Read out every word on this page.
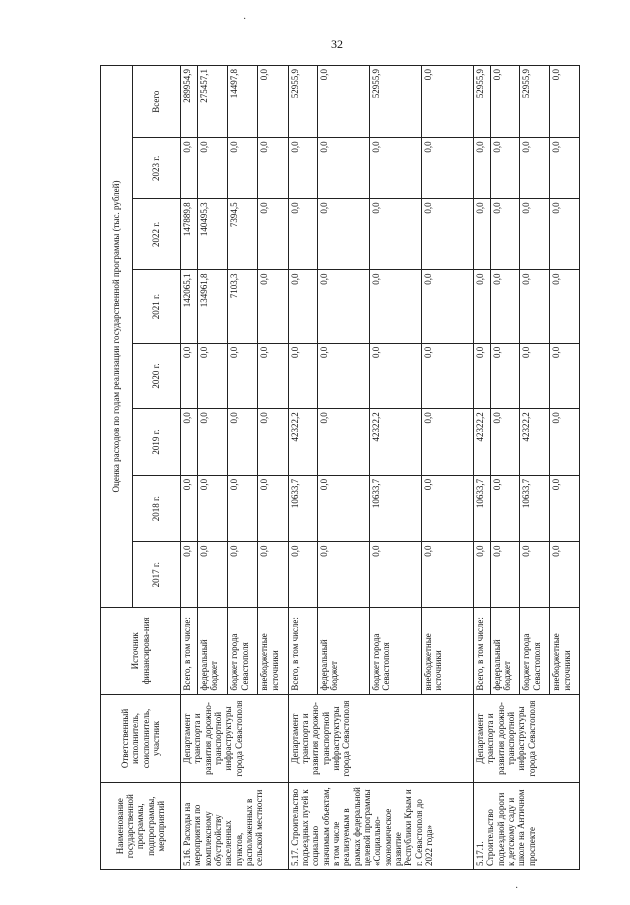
32
·
·
Наименование государственной программы, подпрограммы, мероприятий	Ответственный исполнитель, соисполнитель, участник	Источник финансирова-ния	Оценка расходов по годам реализации государственной программы (тыс. рублей)							
			2017 г.	2018 г.	2019 г.	2020 г.	2021 г.	2022 г.	2023 г.	Всего
5.16. Расходы на мероприятия по комплексному обустройству населенных пунктов, расположенных в сельской местности	Департамент транспорта и развития дорожно-транспортной инфраструктуры города Севастополя	Всего, в том числе:	0,0	0,0	0,0	0,0	142065,1	147889,8	0,0	289954,9
		федеральный бюджет	0,0	0,0	0,0	0,0	134961,8	140495,3	0,0	275457,1
		бюджет города Севастополя	0,0	0,0	0,0	0,0	7103,3	7394,5	0,0	14497,8
		внебюджетные источники	0,0	0,0	0,0	0,0	0,0	0,0	0,0	0,0
5.17. Строительство подъездных путей к социально значимым объектам, в том числе реализуемым в рамках федеральной целевой программы «Социально-экономическое развитие Республики Крым и г. Севастополя до 2022 года»	Департамент транспорта и развития дорожно-транспортной инфраструктуры города Севастополя	Всего, в том числе:	0,0	10633,7	42322,2	0,0	0,0	0,0	0,0	52955,9
		федеральный бюджет	0,0	0,0	0,0	0,0	0,0	0,0	0,0	0,0
		бюджет города Севастополя	0,0	10633,7	42322,2	0,0	0,0	0,0	0,0	52955,9
		внебюджетные источники	0,0	0,0	0,0	0,0	0,0	0,0	0,0	0,0
5.17.1. Строительство подъездной дороги к детскому саду и школе на Античном проспекте	Департамент транспорта и развития дорожно-транспортной инфраструктуры города Севастополя	Всего, в том числе:	0,0	10633,7	42322,2	0,0	0,0	0,0	0,0	52955,9
		федеральный бюджет	0,0	0,0	0,0	0,0	0,0	0,0	0,0	0,0
		бюджет города Севастополя	0,0	10633,7	42322,2	0,0	0,0	0,0	0,0	52955,9
		внебюджетные источники	0,0	0,0	0,0	0,0	0,0	0,0	0,0	0,0
